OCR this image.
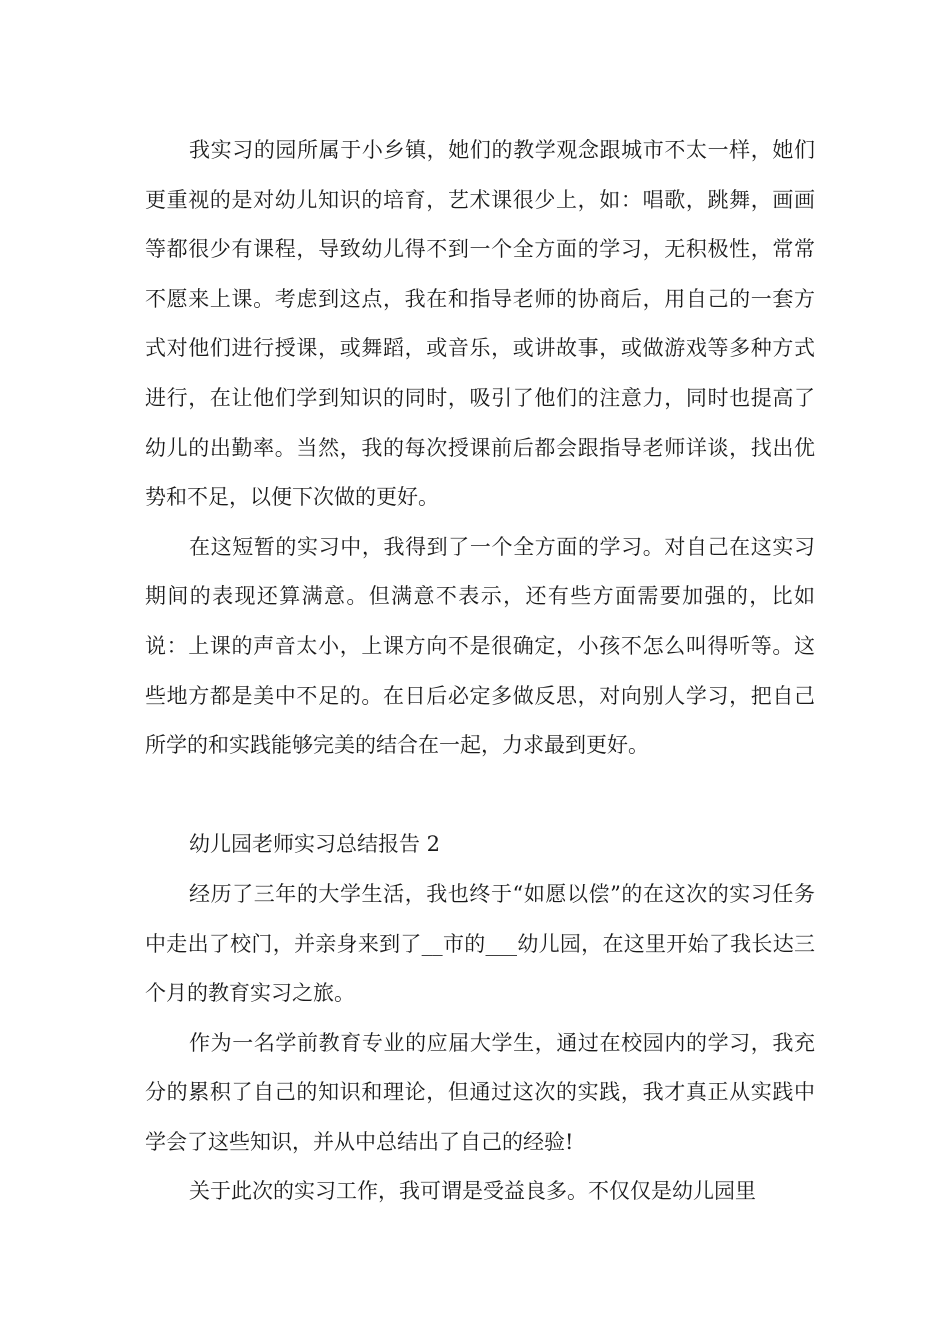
我实习的园所属于小乡镇，她们的教学观念跟城市不太一样，她们更重视的是对幼儿知识的培育，艺术课很少上，如：唱歌，跳舞，画画等都很少有课程，导致幼儿得不到一个全方面的学习，无积极性，常常不愿来上课。考虑到这点，我在和指导老师的协商后，用自己的一套方式对他们进行授课，或舞蹈，或音乐，或讲故事，或做游戏等多种方式进行，在让他们学到知识的同时，吸引了他们的注意力，同时也提高了幼儿的出勤率。当然，我的每次授课前后都会跟指导老师详谈，找出优势和不足，以便下次做的更好。

在这短暂的实习中，我得到了一个全方面的学习。对自己在这实习期间的表现还算满意。但满意不表示，还有些方面需要加强的，比如说：上课的声音太小，上课方向不是很确定，小孩不怎么叫得听等。这些地方都是美中不足的。在日后必定多做反思，对向别人学习，把自己所学的和实践能够完美的结合在一起，力求最到更好。

幼儿园老师实习总结报告 2

经历了三年的大学生活，我也终于“如愿以偿”的在这次的实习任务中走出了校门，并亲身来到了__市的___幼儿园，在这里开始了我长达三个月的教育实习之旅。

作为一名学前教育专业的应届大学生，通过在校园内的学习，我充分的累积了自己的知识和理论，但通过这次的实践，我才真正从实践中学会了这些知识，并从中总结出了自己的经验!

关于此次的实习工作，我可谓是受益良多。不仅仅是幼儿园里
